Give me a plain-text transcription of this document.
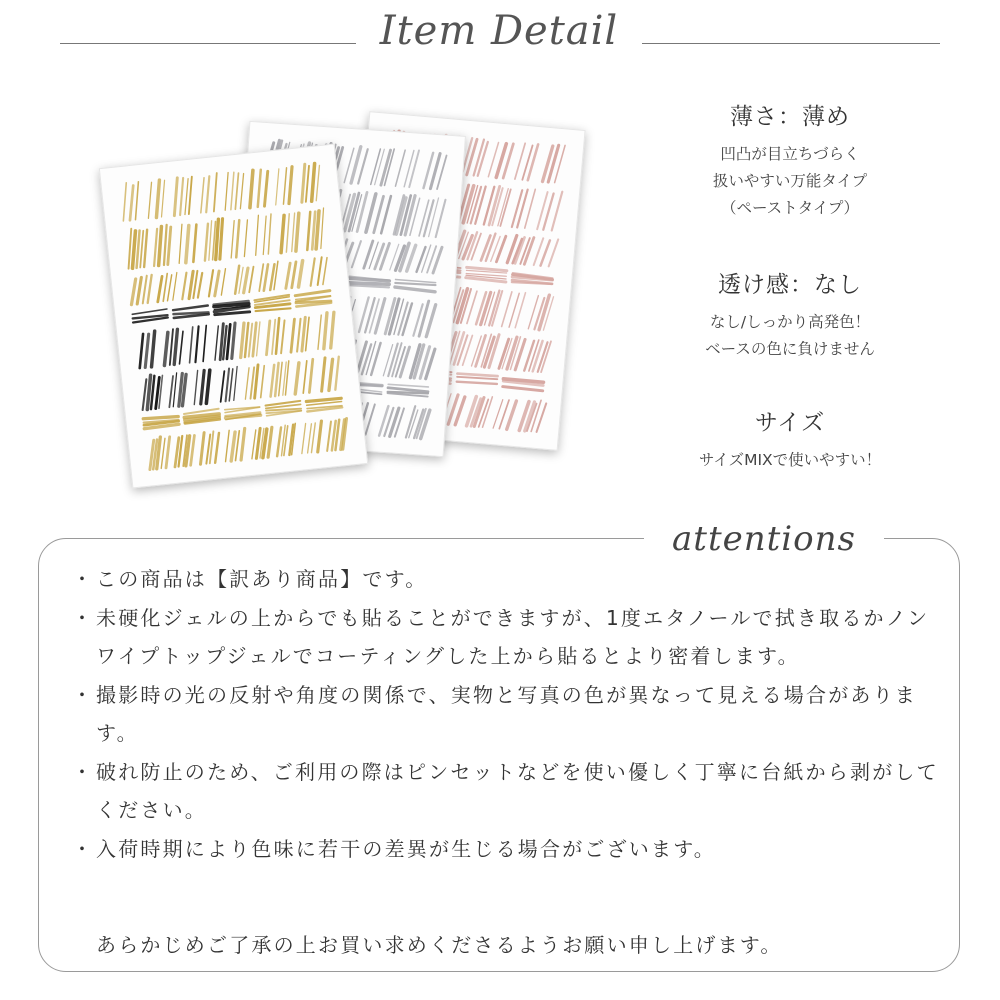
Item Detail
薄さ：薄め
凹凸が目立ちづらく
扱いやすい万能タイプ
（ペーストタイプ）
透け感：なし
なし/しっかり高発色！
ベースの色に負けません
サイズ
サイズMIXで使いやすい！
attentions
・ この商品は【訳あり商品】です。
・ 未硬化ジェルの上からでも貼ることができますが、1度エタノールで拭き取るかノンワイプトップジェルでコーティングした上から貼るとより密着します。
・ 撮影時の光の反射や角度の関係で、実物と写真の色が異なって見える場合があります。
・ 破れ防止のため、ご利用の際はピンセットなどを使い優しく丁寧に台紙から剥がしてください。
・ 入荷時期により色味に若干の差異が生じる場合がございます。
あらかじめご了承の上お買い求めくださるようお願い申し上げます。
